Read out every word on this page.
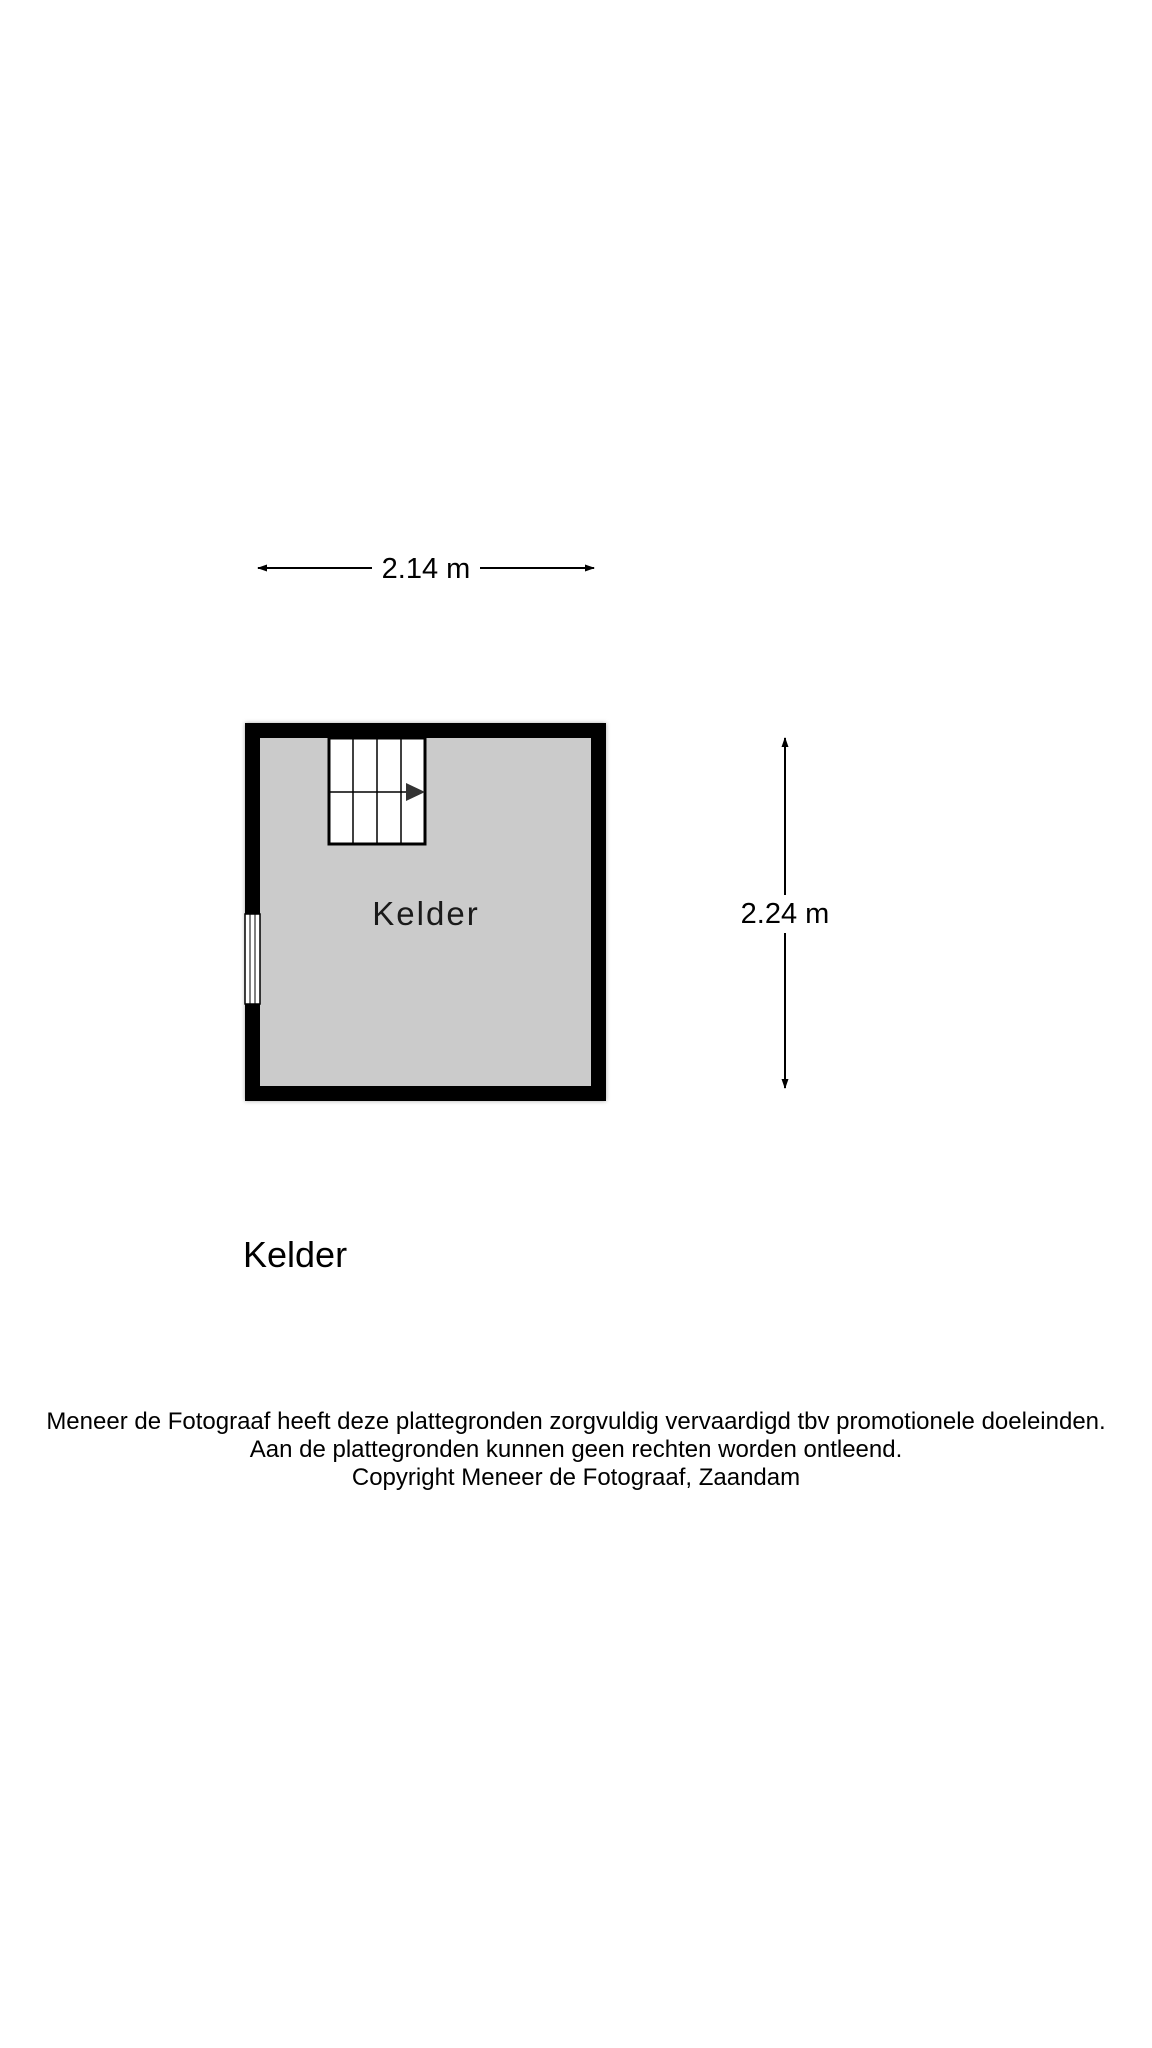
2.14 m
2.24 m
Kelder
Kelder
Meneer de Fotograaf heeft deze plattegronden zorgvuldig vervaardigd tbv promotionele doeleinden.
Aan de plattegronden kunnen geen rechten worden ontleend.
Copyright Meneer de Fotograaf, Zaandam
